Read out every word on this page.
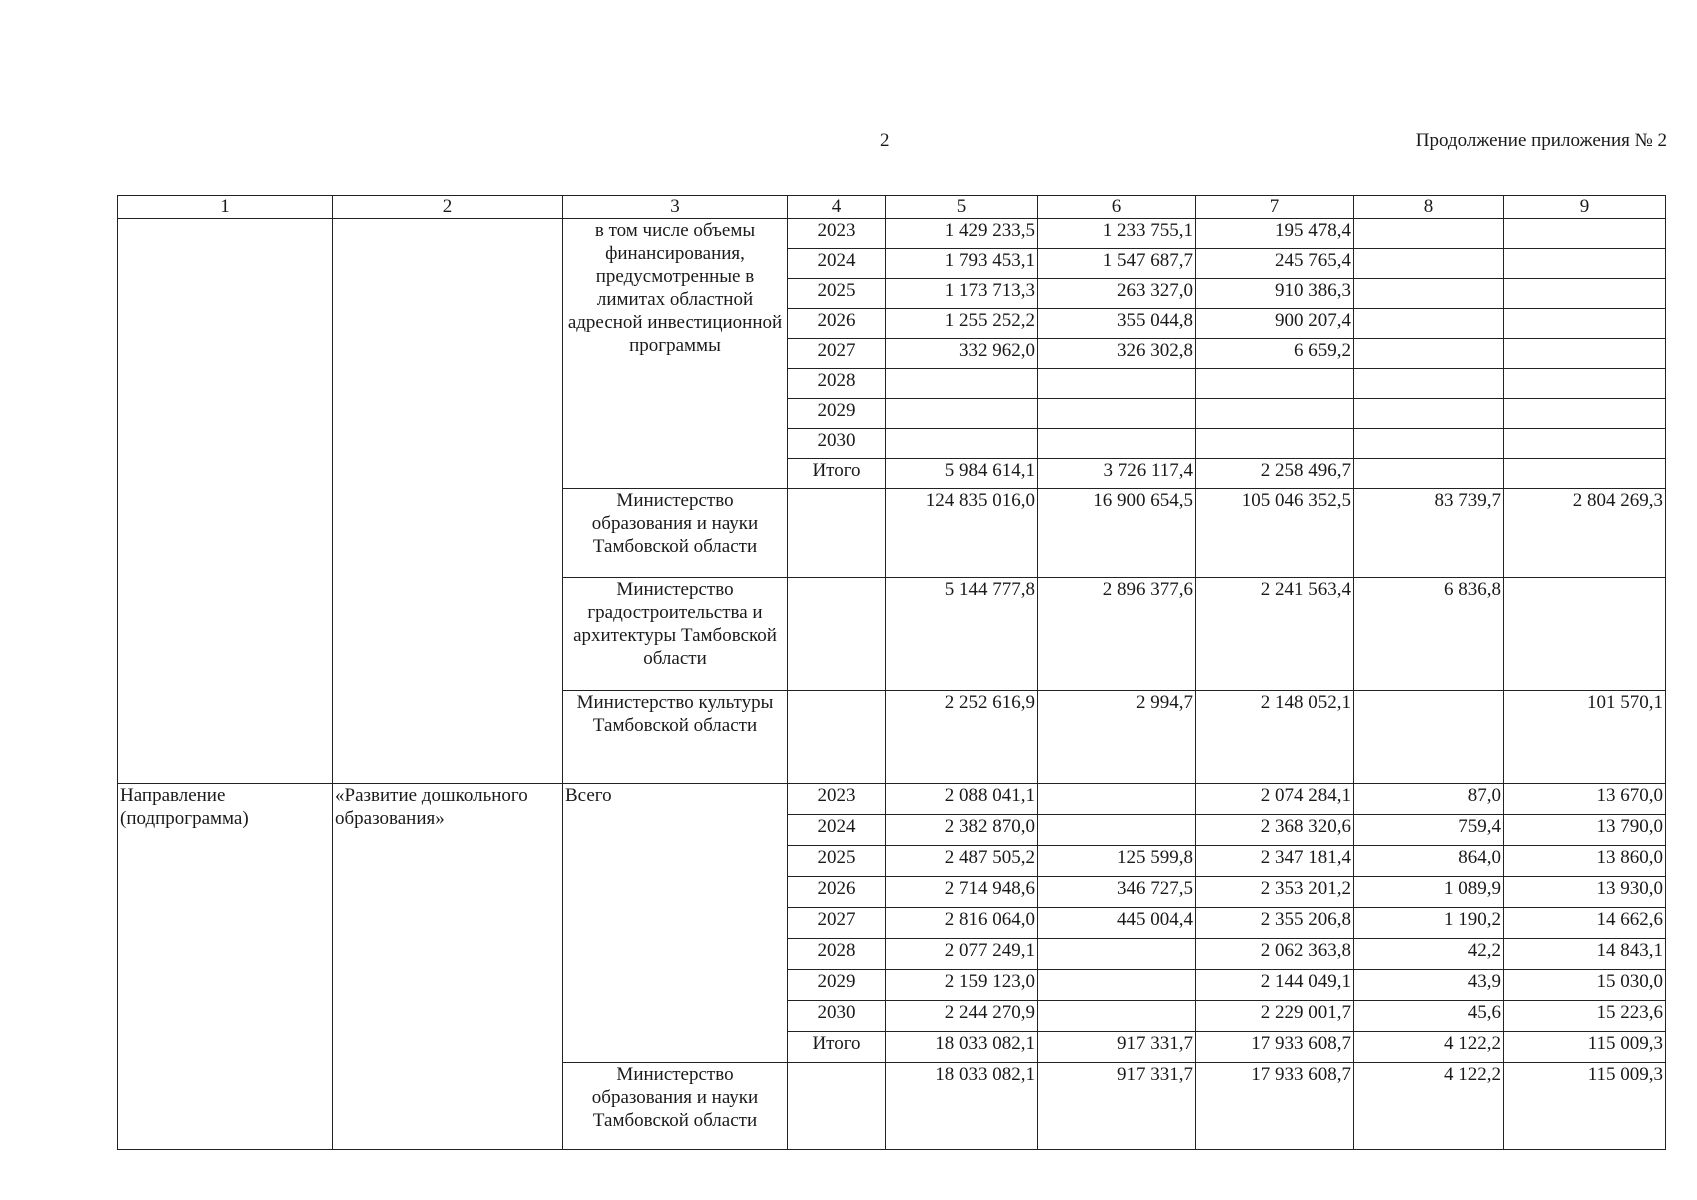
2	Продолжение приложения № 2
1	2	3	4	5	6	7	8	9
		в том числе объемы финансирования, предусмотренные в лимитах областной адресной инвестиционной программы	2023	1 429 233,5	1 233 755,1	195 478,4		
			2024	1 793 453,1	1 547 687,7	245 765,4		
			2025	1 173 713,3	263 327,0	910 386,3		
			2026	1 255 252,2	355 044,8	900 207,4		
			2027	332 962,0	326 302,8	6 659,2		
			2028					
			2029					
			2030					
			Итого	5 984 614,1	3 726 117,4	2 258 496,7		
		Министерство образования и науки Тамбовской области		124 835 016,0	16 900 654,5	105 046 352,5	83 739,7	2 804 269,3
		Министерство градостроительства и архитектуры Тамбовской области		5 144 777,8	2 896 377,6	2 241 563,4	6 836,8	
		Министерство культуры Тамбовской области		2 252 616,9	2 994,7	2 148 052,1		101 570,1
Направление (подпрограмма)	«Развитие дошкольного образования»	Всего	2023	2 088 041,1		2 074 284,1	87,0	13 670,0
			2024	2 382 870,0		2 368 320,6	759,4	13 790,0
			2025	2 487 505,2	125 599,8	2 347 181,4	864,0	13 860,0
			2026	2 714 948,6	346 727,5	2 353 201,2	1 089,9	13 930,0
			2027	2 816 064,0	445 004,4	2 355 206,8	1 190,2	14 662,6
			2028	2 077 249,1		2 062 363,8	42,2	14 843,1
			2029	2 159 123,0		2 144 049,1	43,9	15 030,0
			2030	2 244 270,9		2 229 001,7	45,6	15 223,6
			Итого	18 033 082,1	917 331,7	17 933 608,7	4 122,2	115 009,3
		Министерство образования и науки Тамбовской области		18 033 082,1	917 331,7	17 933 608,7	4 122,2	115 009,3
